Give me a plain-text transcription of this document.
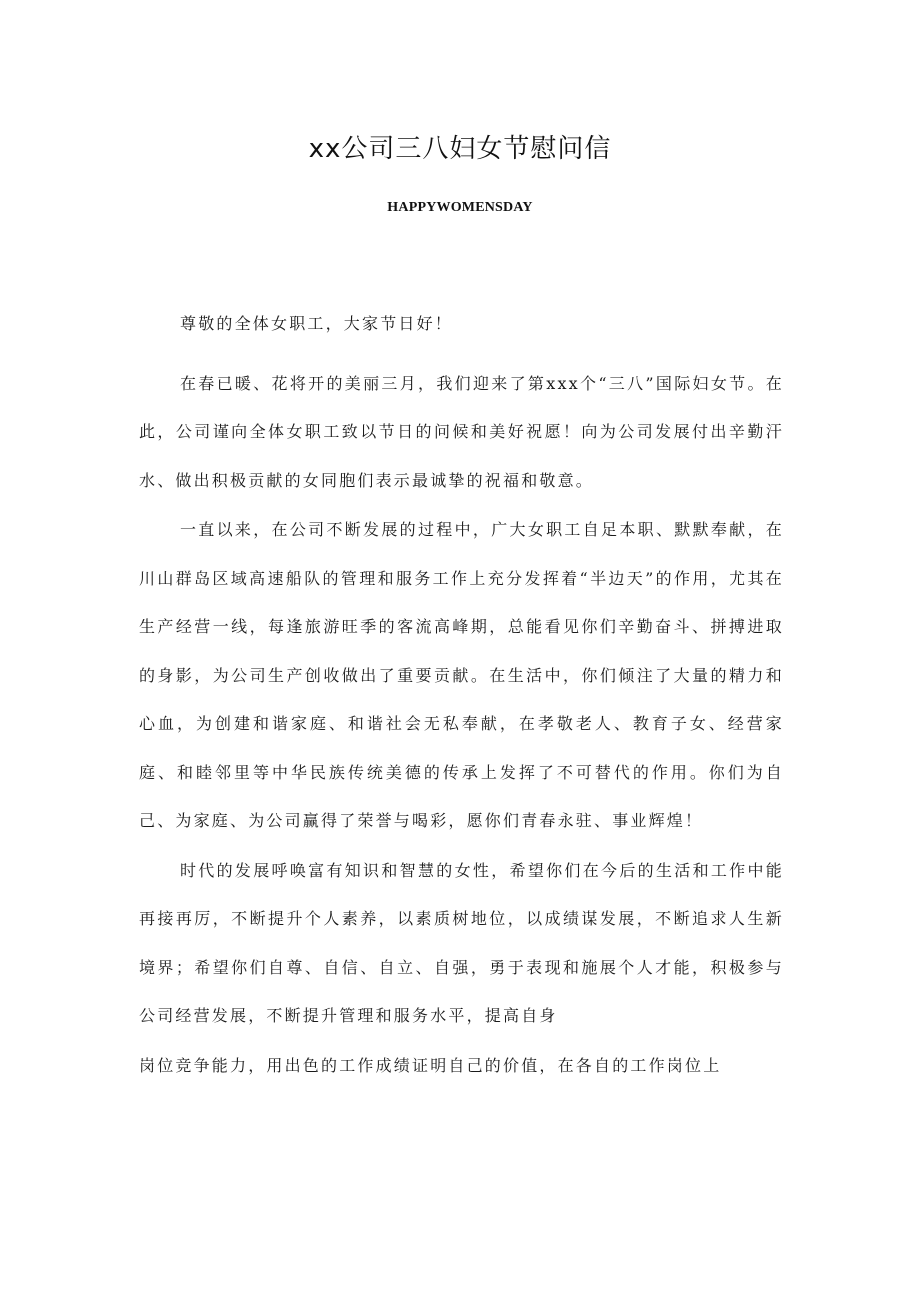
xx公司三八妇女节慰问信
HAPPYWOMENSDAY

尊敬的全体女职工，大家节日好！

在春已暖、花将开的美丽三月，我们迎来了第xxx个“三八”国际妇女节。在此，公司谨向全体女职工致以节日的问候和美好祝愿！向为公司发展付出辛勤汗水、做出积极贡献的女同胞们表示最诚挚的祝福和敬意。

一直以来，在公司不断发展的过程中，广大女职工自足本职、默默奉献，在川山群岛区域高速船队的管理和服务工作上充分发挥着“半边天”的作用，尤其在生产经营一线，每逢旅游旺季的客流高峰期，总能看见你们辛勤奋斗、拼搏进取的身影，为公司生产创收做出了重要贡献。在生活中，你们倾注了大量的精力和心血，为创建和谐家庭、和谐社会无私奉献，在孝敬老人、教育子女、经营家庭、和睦邻里等中华民族传统美德的传承上发挥了不可替代的作用。你们为自己、为家庭、为公司赢得了荣誉与喝彩，愿你们青春永驻、事业辉煌！

时代的发展呼唤富有知识和智慧的女性，希望你们在今后的生活和工作中能再接再厉，不断提升个人素养，以素质树地位，以成绩谋发展，不断追求人生新境界；希望你们自尊、自信、自立、自强，勇于表现和施展个人才能，积极参与公司经营发展，不断提升管理和服务水平，提高自身

岗位竞争能力，用出色的工作成绩证明自己的价值，在各自的工作岗位上
